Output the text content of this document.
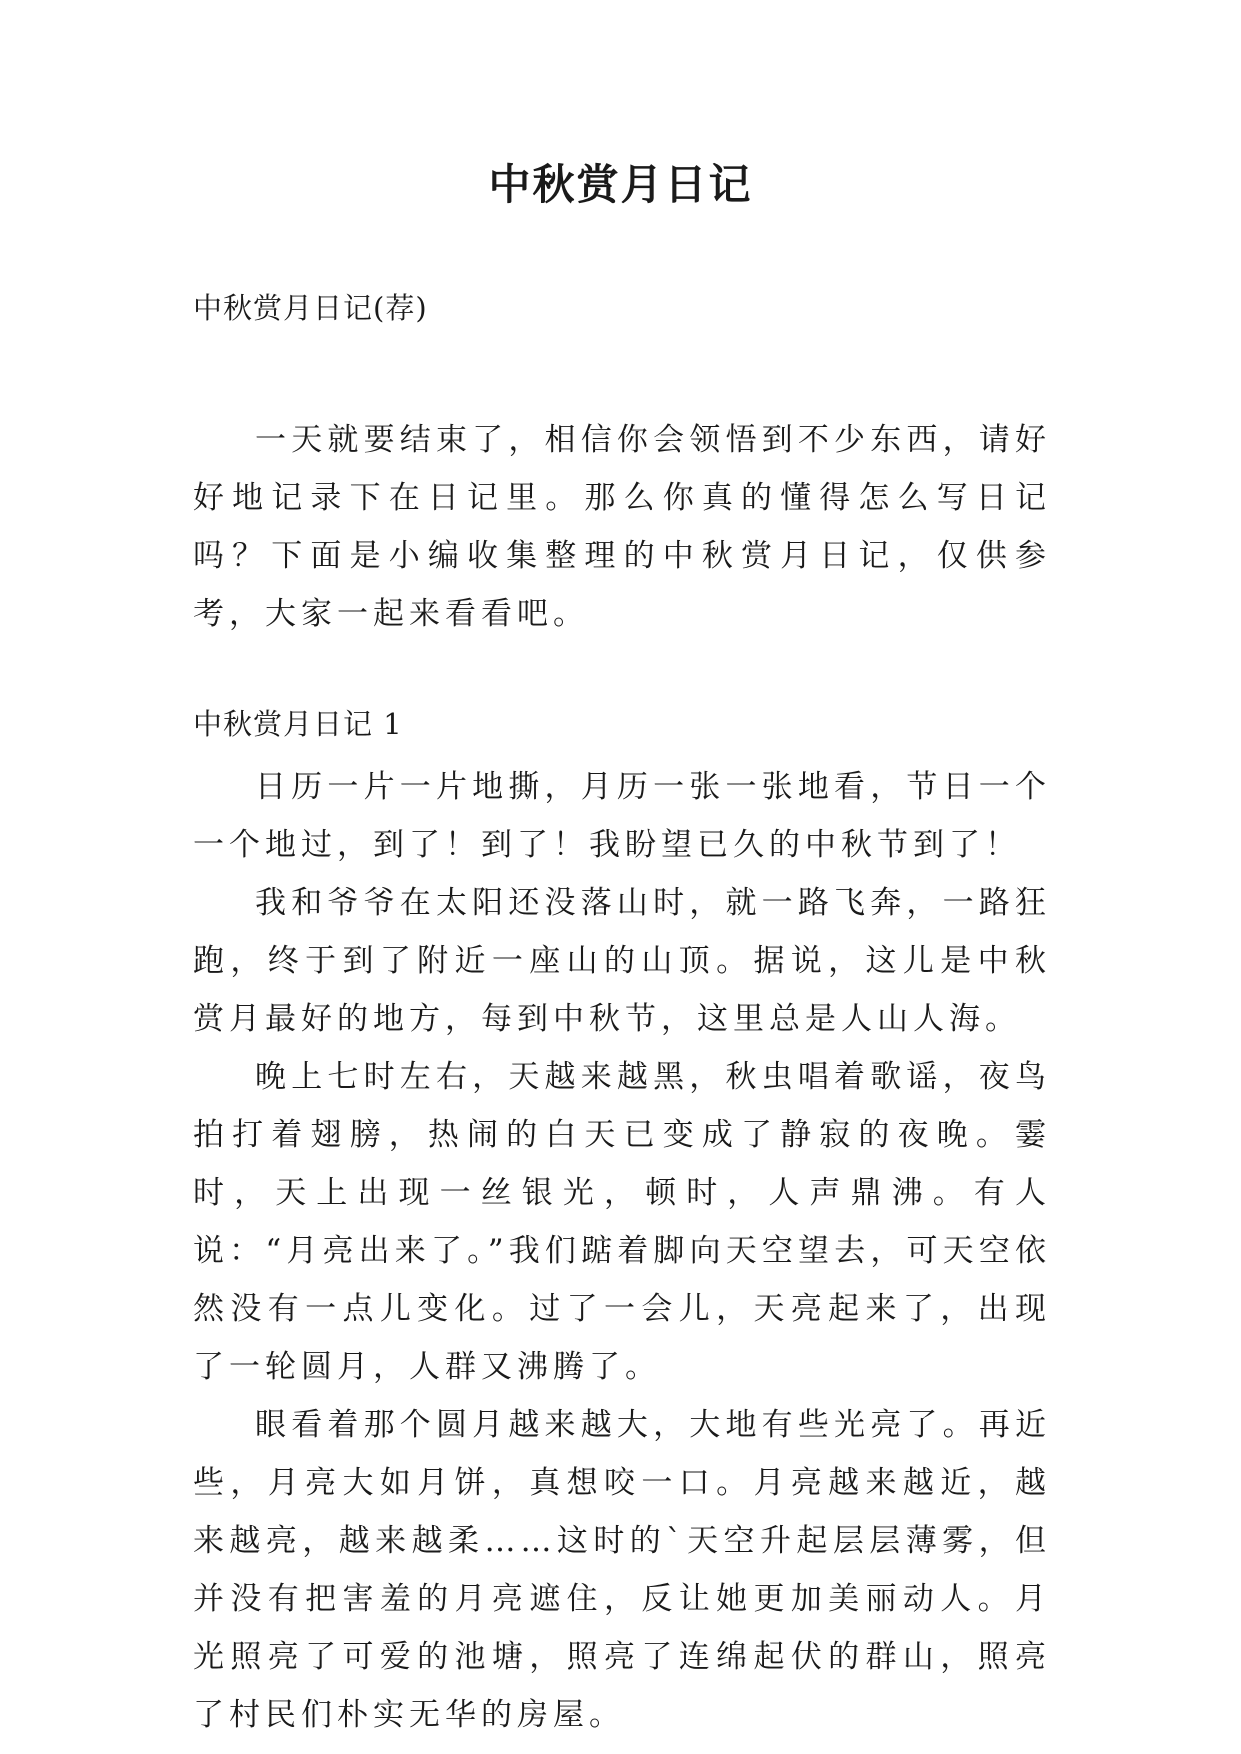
中秋赏月日记

中秋赏月日记(荐)

一天就要结束了，相信你会领悟到不少东西，请好好地记录下在日记里。那么你真的懂得怎么写日记吗？下面是小编收集整理的中秋赏月日记，仅供参考，大家一起来看看吧。

中秋赏月日记 1

日历一片一片地撕，月历一张一张地看，节日一个一个地过，到了！到了！我盼望已久的中秋节到了！

我和爷爷在太阳还没落山时，就一路飞奔，一路狂跑，终于到了附近一座山的山顶。据说，这儿是中秋赏月最好的地方，每到中秋节，这里总是人山人海。

晚上七时左右，天越来越黑，秋虫唱着歌谣，夜鸟拍打着翅膀，热闹的白天已变成了静寂的夜晚。霎时，天上出现一丝银光，顿时，人声鼎沸。有人说：“月亮出来了。”我们踮着脚向天空望去，可天空依然没有一点儿变化。过了一会儿，天亮起来了，出现了一轮圆月，人群又沸腾了。

眼看着那个圆月越来越大，大地有些光亮了。再近些，月亮大如月饼，真想咬一口。月亮越来越近，越来越亮，越来越柔……这时的`天空升起层层薄雾，但并没有把害羞的月亮遮住，反让她更加美丽动人。月光照亮了可爱的池塘，照亮了连绵起伏的群山，照亮了村民们朴实无华的房屋。
